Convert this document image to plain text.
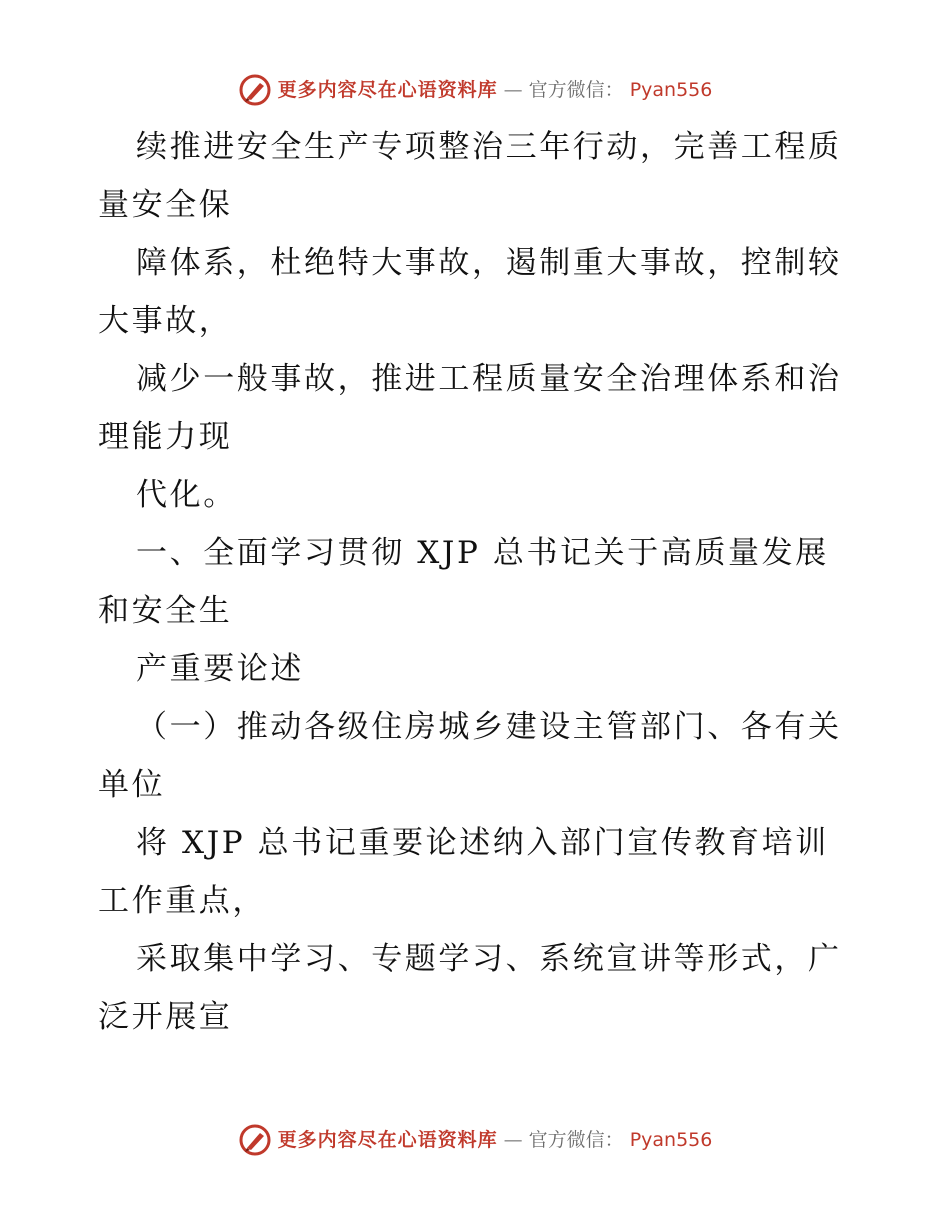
更多内容尽在心语资料库 — 官方微信： Pyan556
续推进安全生产专项整治三年行动，完善工程质
量安全保
障体系，杜绝特大事故，遏制重大事故，控制较
大事故，
减少一般事故，推进工程质量安全治理体系和治
理能力现
代化。
一、全面学习贯彻 XJP 总书记关于高质量发展
和安全生
产重要论述
（一）推动各级住房城乡建设主管部门、各有关
单位
将 XJP 总书记重要论述纳入部门宣传教育培训
工作重点，
采取集中学习、专题学习、系统宣讲等形式，广
泛开展宣
更多内容尽在心语资料库 — 官方微信： Pyan556
